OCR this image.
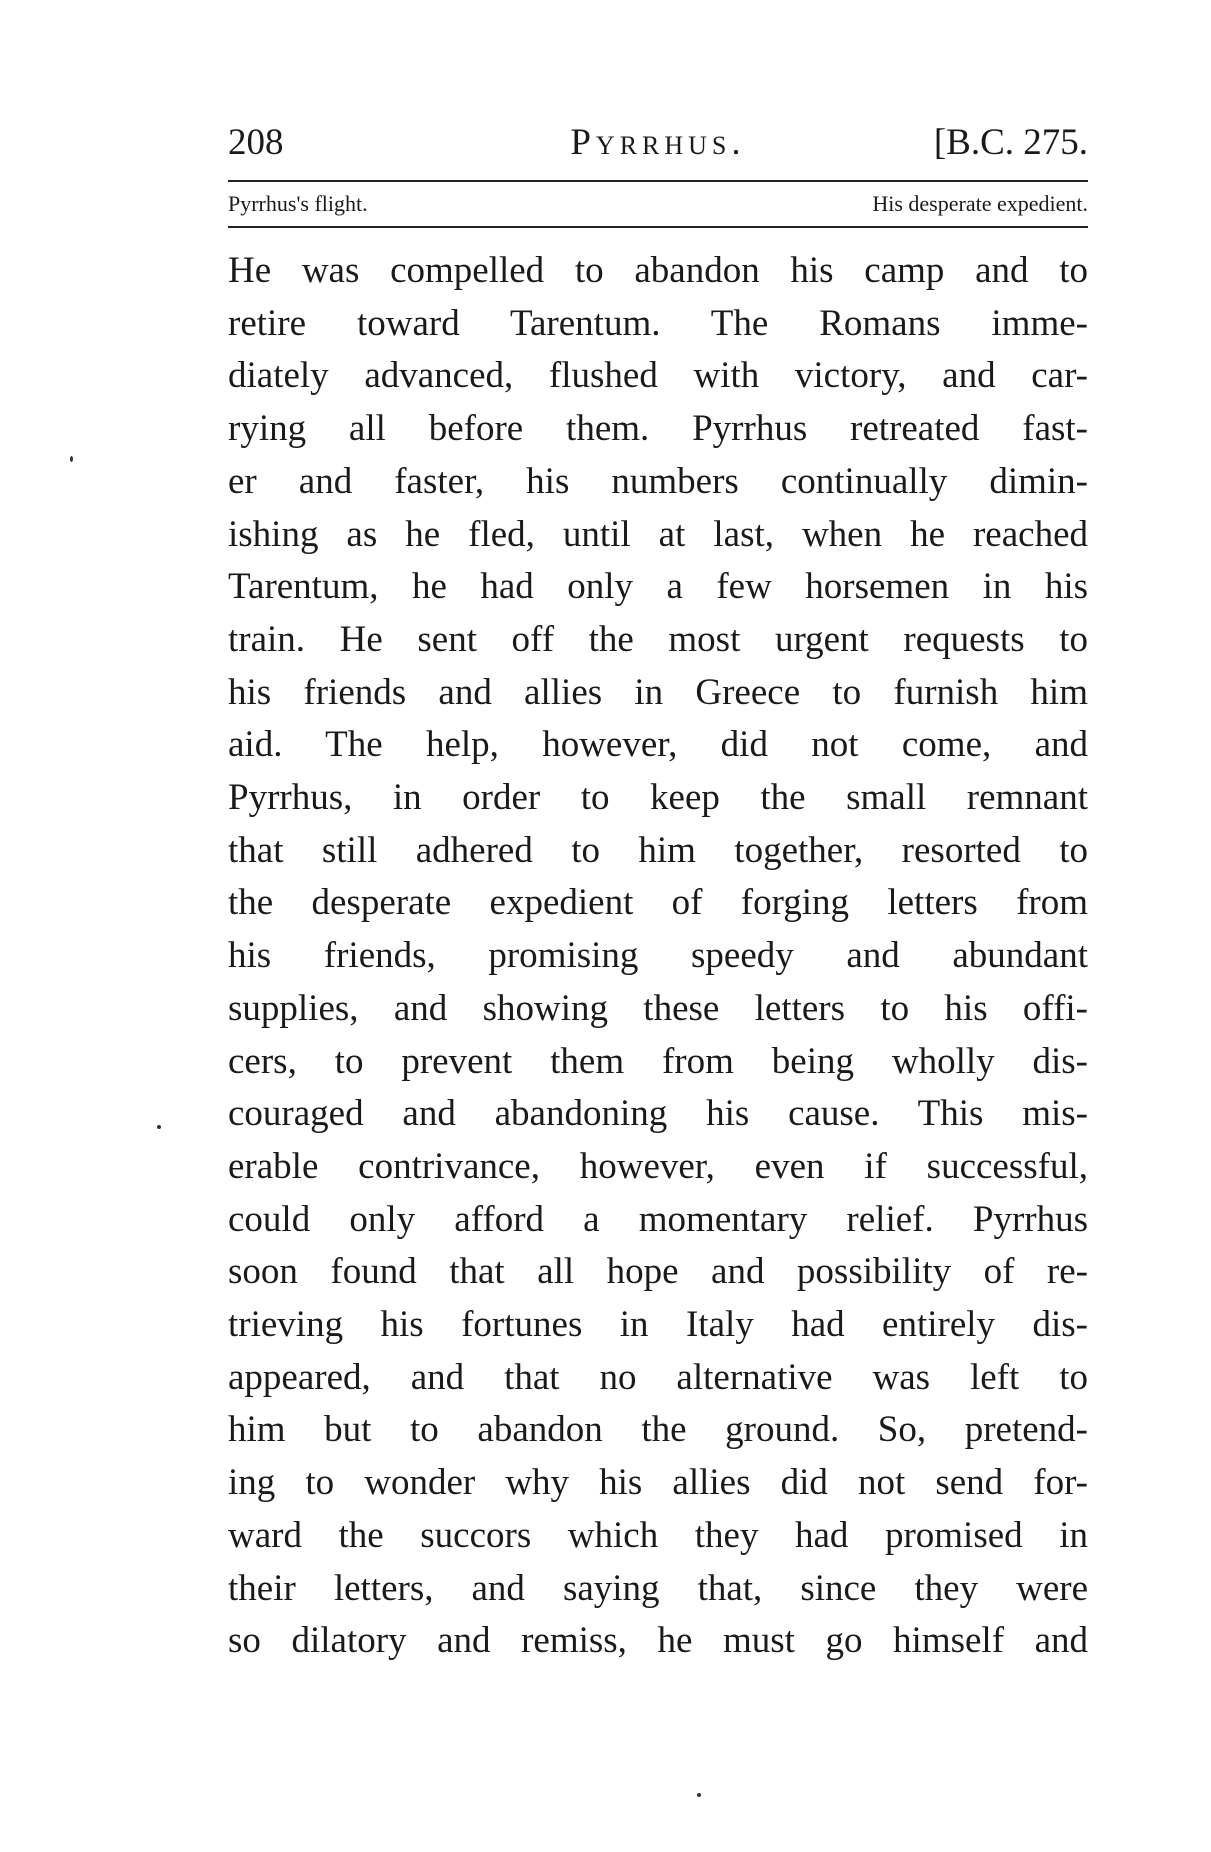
208	Pyrrhus.	[B.C. 275.
Pyrrhus's flight.	His desperate expedient.
He was compelled to abandon his camp and to
retire toward Tarentum. The Romans imme-
diately advanced, flushed with victory, and car-
rying all before them. Pyrrhus retreated fast-
er and faster, his numbers continually dimin-
ishing as he fled, until at last, when he reached
Tarentum, he had only a few horsemen in his
train. He sent off the most urgent requests to
his friends and allies in Greece to furnish him
aid. The help, however, did not come, and
Pyrrhus, in order to keep the small remnant
that still adhered to him together, resorted to
the desperate expedient of forging letters from
his friends, promising speedy and abundant
supplies, and showing these letters to his offi-
cers, to prevent them from being wholly dis-
couraged and abandoning his cause. This mis-
erable contrivance, however, even if successful,
could only afford a momentary relief. Pyrrhus
soon found that all hope and possibility of re-
trieving his fortunes in Italy had entirely dis-
appeared, and that no alternative was left to
him but to abandon the ground. So, pretend-
ing to wonder why his allies did not send for-
ward the succors which they had promised in
their letters, and saying that, since they were
so dilatory and remiss, he must go himself and
